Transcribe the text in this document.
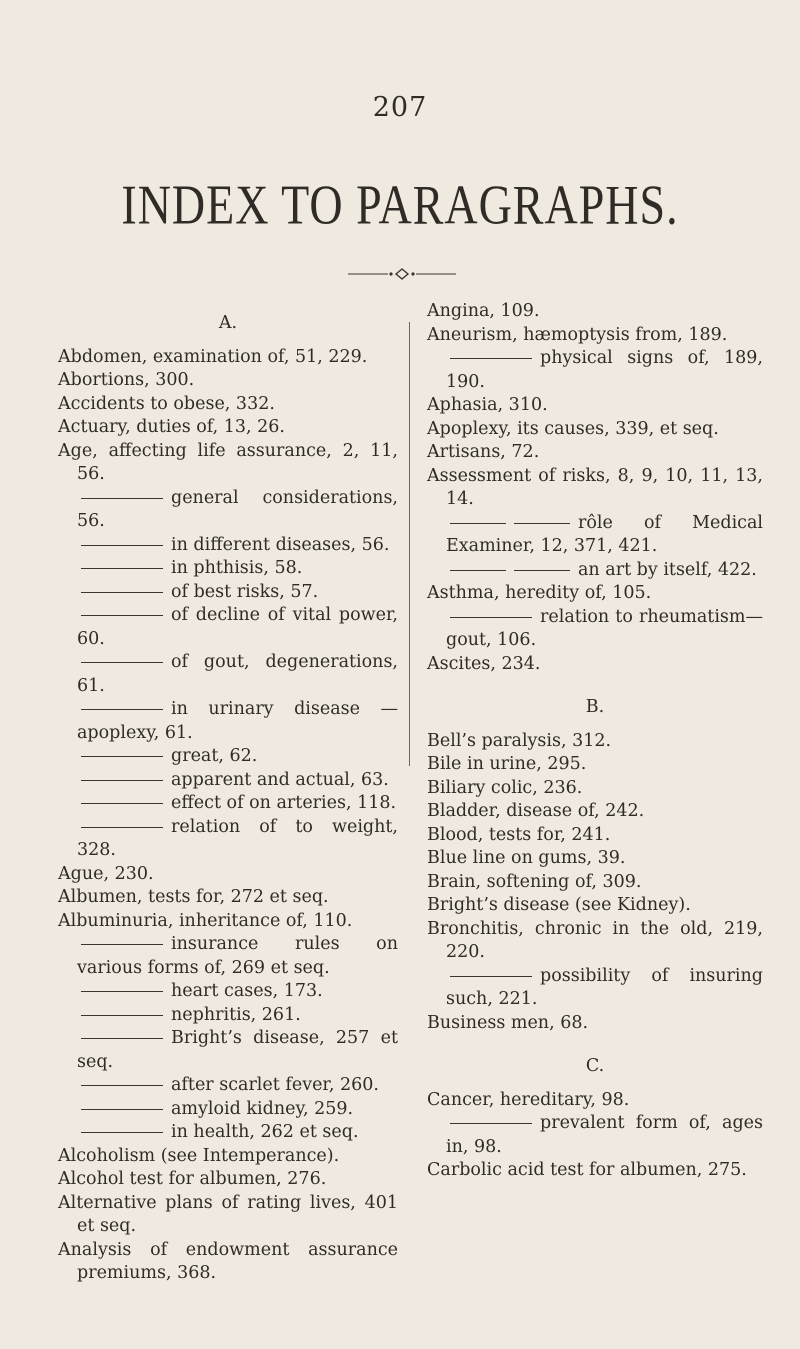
207
INDEX TO PARAGRAPHS.
A.
Abdomen, examination of, 51, 229.
Abortions, 300.
Accidents to obese, 332.
Actuary, duties of, 13, 26.
Age, affecting life assurance, 2, 11, 56.
general considerations, 56.
in different diseases, 56.
in phthisis, 58.
of best risks, 57.
of decline of vital power, 60.
of gout, degenerations, 61.
in urinary disease — apoplexy, 61.
great, 62.
apparent and actual, 63.
effect of on arteries, 118.
relation of to weight, 328.
Ague, 230.
Albumen, tests for, 272 et seq.
Albuminuria, inheritance of, 110.
insurance rules on various forms of, 269 et seq.
heart cases, 173.
nephritis, 261.
Bright’s disease, 257 et seq.
after scarlet fever, 260.
amyloid kidney, 259.
in health, 262 et seq.
Alcoholism (see Intemperance).
Alcohol test for albumen, 276.
Alternative plans of rating lives, 401 et seq.
Analysis of endowment assurance premiums, 368.
Angina, 109.
Aneurism, hæmoptysis from, 189.
physical signs of, 189, 190.
Aphasia, 310.
Apoplexy, its causes, 339, et seq.
Artisans, 72.
Assessment of risks, 8, 9, 10, 11, 13, 14.
rôle of Medical Examiner, 12, 371, 421.
an art by itself, 422.
Asthma, heredity of, 105.
relation to rheumatism—gout, 106.
Ascites, 234.
B.
Bell’s paralysis, 312.
Bile in urine, 295.
Biliary colic, 236.
Bladder, disease of, 242.
Blood, tests for, 241.
Blue line on gums, 39.
Brain, softening of, 309.
Bright’s disease (see Kidney).
Bronchitis, chronic in the old, 219, 220.
possibility of insuring such, 221.
Business men, 68.
C.
Cancer, hereditary, 98.
prevalent form of, ages in, 98.
Carbolic acid test for albumen, 275.
